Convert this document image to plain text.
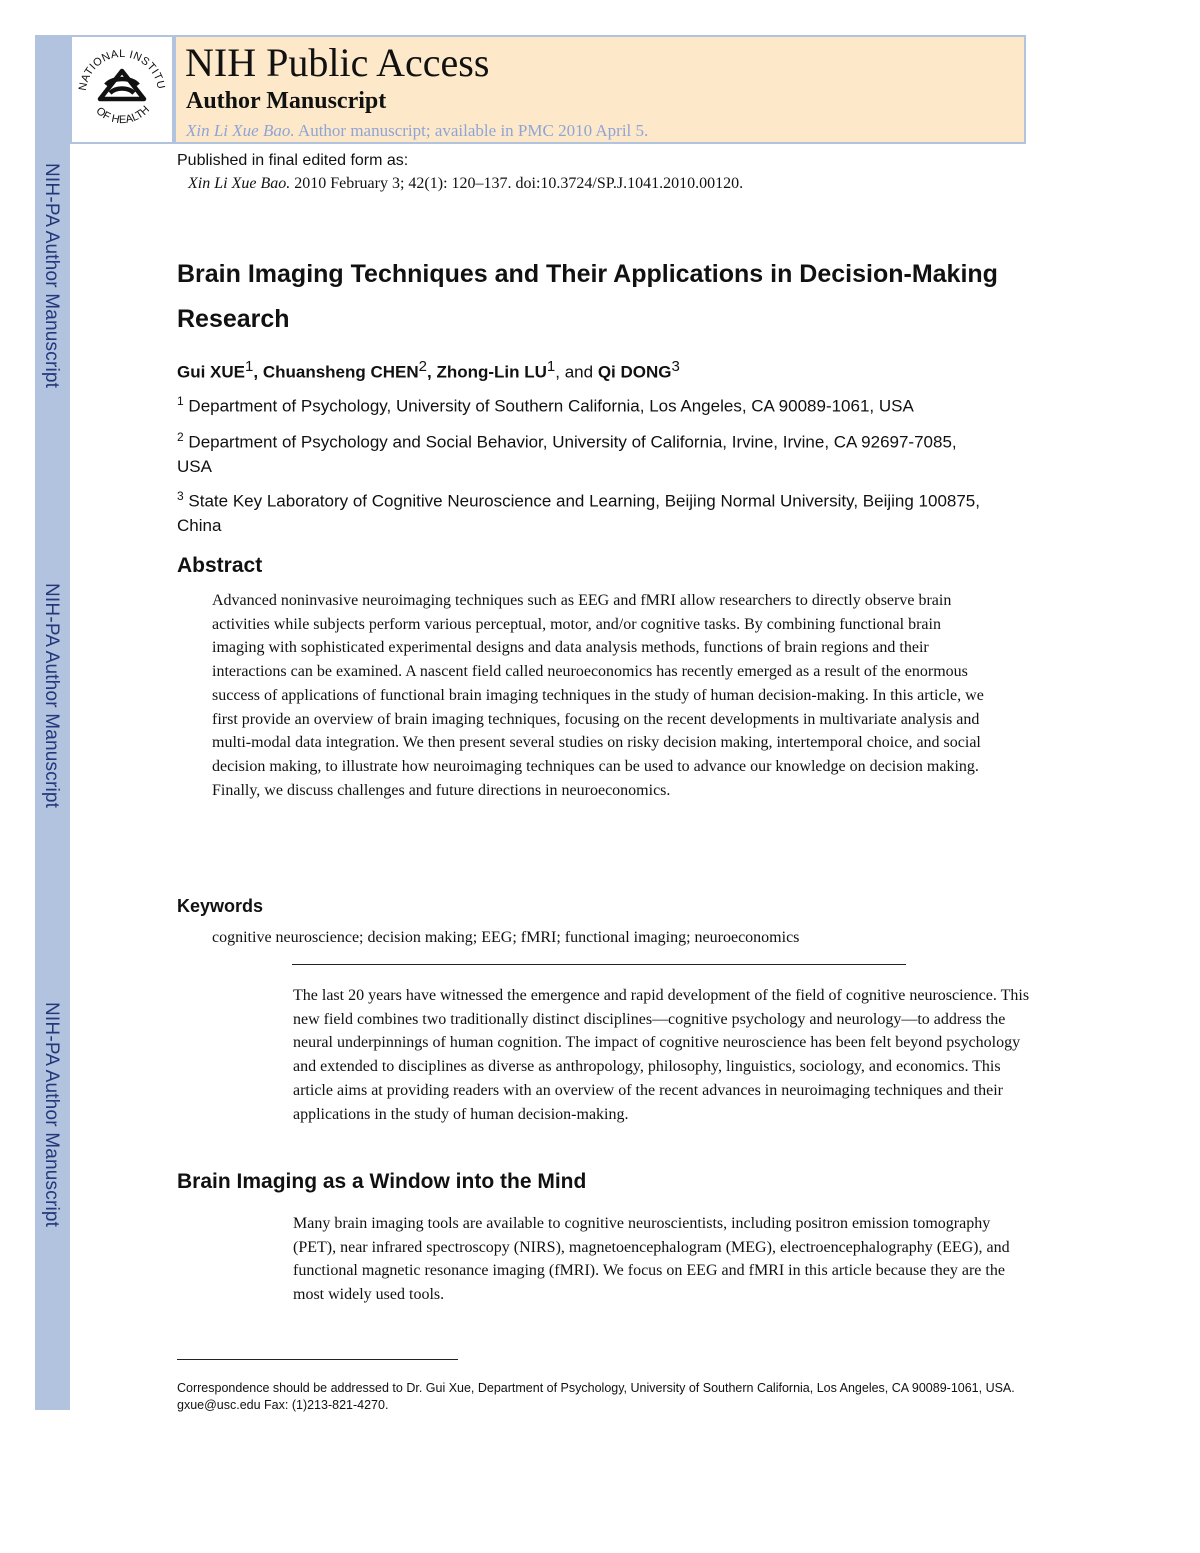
NIH-PA Author Manuscript
NIH-PA Author Manuscript
NIH-PA Author Manuscript
NATIONAL INSTITU
OF HEALTH
NIH Public Access
Author Manuscript
Xin Li Xue Bao. Author manuscript; available in PMC 2010 April 5.
Published in final edited form as:
Xin Li Xue Bao. 2010 February 3; 42(1): 120–137. doi:10.3724/SP.J.1041.2010.00120.
Brain Imaging Techniques and Their Applications in Decision-Making Research
Gui XUE$^1$, Chuansheng CHEN$^2$, Zhong-Lin $LU^1$, and Qi DONG$^3$
$^1$ Department of Psychology, University of Southern California, Los Angeles, CA 90089-1061, USA
$^2$ Department of Psychology and Social Behavior, University of California, Irvine, Irvine, CA 92697-7085, USA
$^3$ State Key Laboratory of Cognitive Neuroscience and Learning, Beijing Normal University, Beijing 100875, China
Abstract
Advanced noninvasive neuroimaging techniques such as EEG and fMRI allow researchers to directly observe brain activities while subjects perform various perceptual, motor, and/or cognitive tasks. By combining functional brain imaging with sophisticated experimental designs and data analysis methods, functions of brain regions and their interactions can be examined. A nascent field called neuroeconomics has recently emerged as a result of the enormous success of applications of functional brain imaging techniques in the study of human decision-making. In this article, we first provide an overview of brain imaging techniques, focusing on the recent developments in multivariate analysis and multi-modal data integration. We then present several studies on risky decision making, intertemporal choice, and social decision making, to illustrate how neuroimaging techniques can be used to advance our knowledge on decision making. Finally, we discuss challenges and future directions in neuroeconomics.
Keywords
cognitive neuroscience; decision making; EEG; fMRI; functional imaging; neuroeconomics
The last 20 years have witnessed the emergence and rapid development of the field of cognitive neuroscience. This new field combines two traditionally distinct disciplines—cognitive psychology and neurology—to address the neural underpinnings of human cognition. The impact of cognitive neuroscience has been felt beyond psychology and extended to disciplines as diverse as anthropology, philosophy, linguistics, sociology, and economics. This article aims at providing readers with an overview of the recent advances in neuroimaging techniques and their applications in the study of human decision-making.
Brain Imaging as a Window into the Mind
Many brain imaging tools are available to cognitive neuroscientists, including positron emission tomography (PET), near infrared spectroscopy (NIRS), magnetoencephalogram (MEG), electroencephalography (EEG), and functional magnetic resonance imaging (fMRI). We focus on EEG and fMRI in this article because they are the most widely used tools.
Correspondence should be addressed to Dr. Gui Xue, Department of Psychology, University of Southern California, Los Angeles, CA 90089-1061, USA. gxue@usc.edu Fax: (1)213-821-4270.
